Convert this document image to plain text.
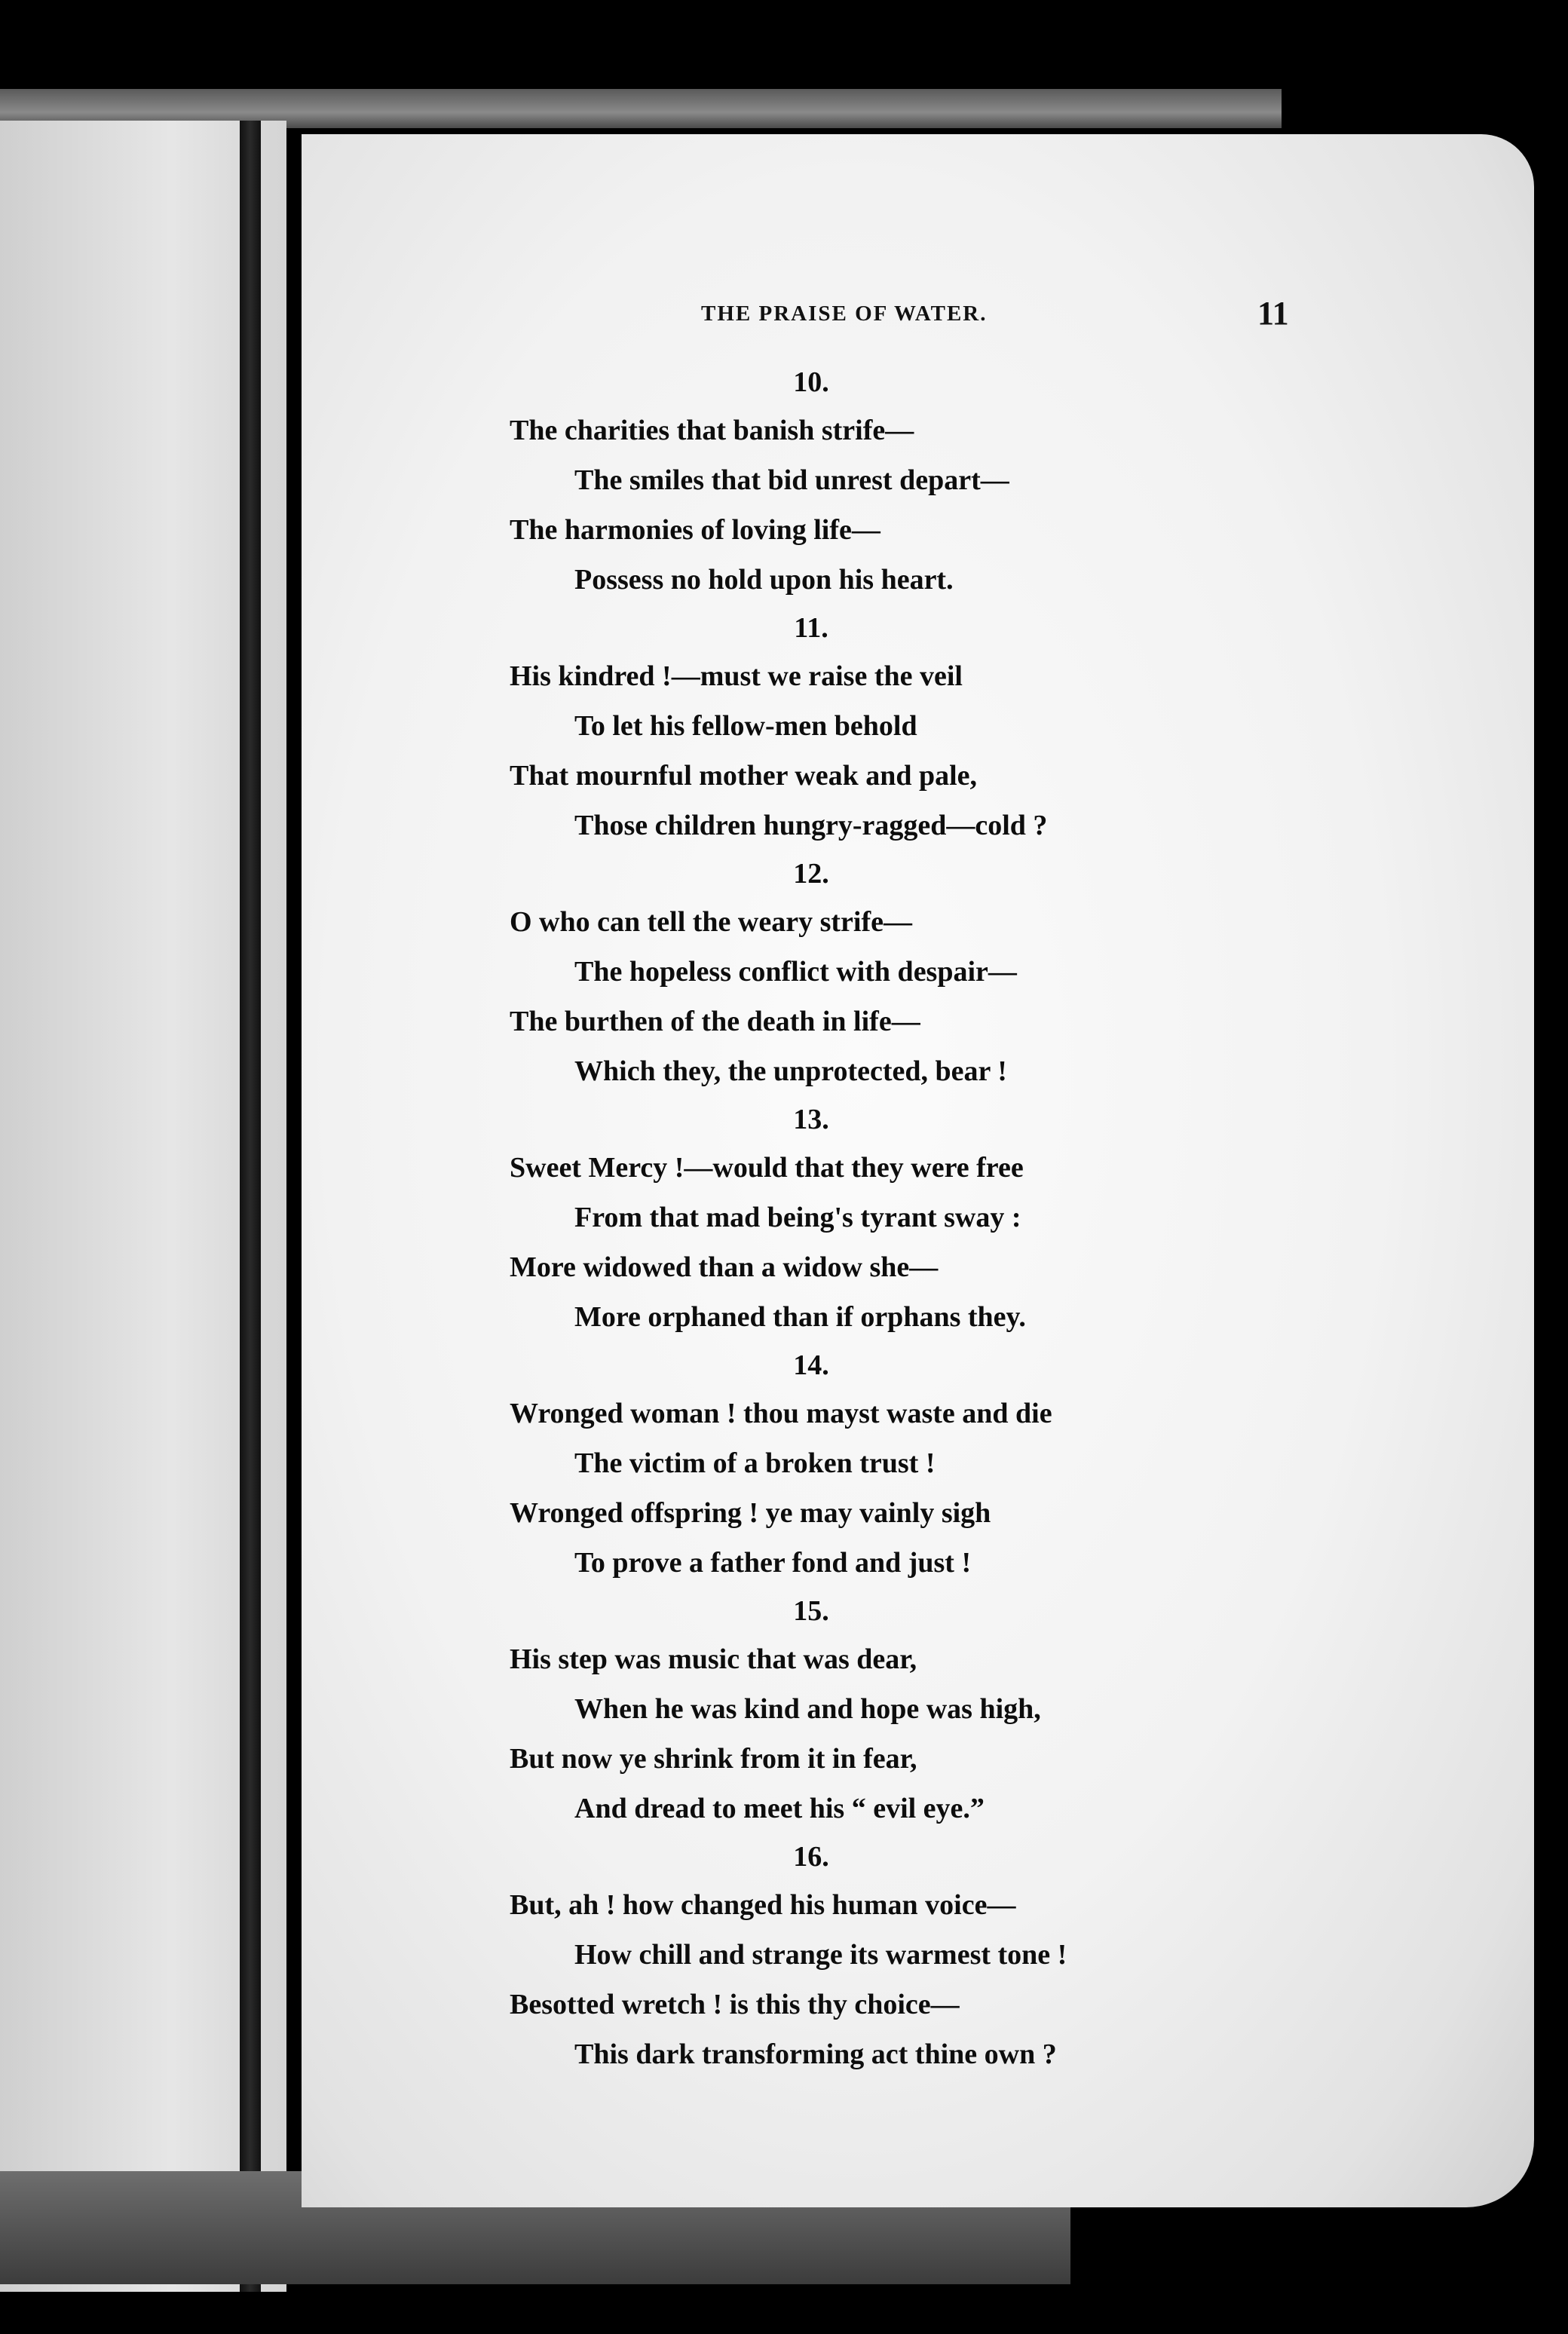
THE PRAISE OF WATER.	11
10.
The charities that banish strife—
The smiles that bid unrest depart—
The harmonies of loving life—
Possess no hold upon his heart.
11.
His kindred !—must we raise the veil
To let his fellow-men behold
That mournful mother weak and pale,
Those children hungry-ragged—cold ?
12.
O who can tell the weary strife—
The hopeless conflict with despair—
The burthen of the death in life—
Which they, the unprotected, bear !
13.
Sweet Mercy !—would that they were free
From that mad being's tyrant sway :
More widowed than a widow she—
More orphaned than if orphans they.
14.
Wronged woman ! thou mayst waste and die
The victim of a broken trust !
Wronged offspring ! ye may vainly sigh
To prove a father fond and just !
15.
His step was music that was dear,
When he was kind and hope was high,
But now ye shrink from it in fear,
And dread to meet his “ evil eye.”
16.
But, ah ! how changed his human voice—
How chill and strange its warmest tone !
Besotted wretch ! is this thy choice—
This dark transforming act thine own ?
